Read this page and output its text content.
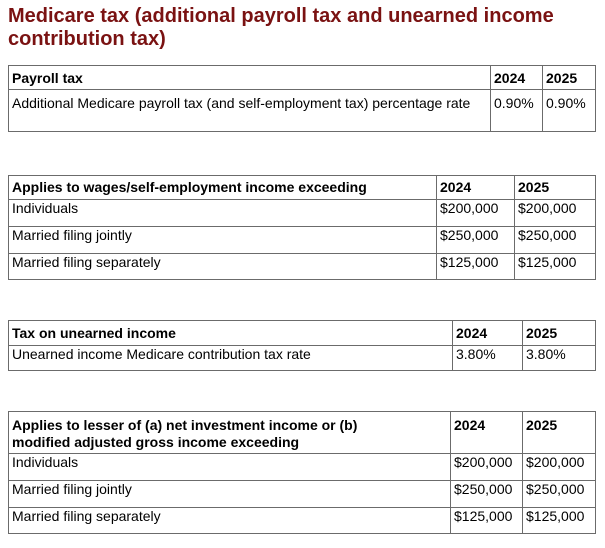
Medicare tax (additional payroll tax and unearned income contribution tax)
Payroll tax	2024	2025
Additional Medicare payroll tax (and self-employment tax) percentage rate	0.90%	0.90%
Applies to wages/self-employment income exceeding	2024	2025
Individuals	$200,000	$200,000
Married filing jointly	$250,000	$250,000
Married filing separately	$125,000	$125,000
Tax on unearned income	2024	2025
Unearned income Medicare contribution tax rate	3.80%	3.80%
Applies to lesser of (a) net investment income or (b) modified adjusted gross income exceeding	2024	2025
Individuals	$200,000	$200,000
Married filing jointly	$250,000	$250,000
Married filing separately	$125,000	$125,000
